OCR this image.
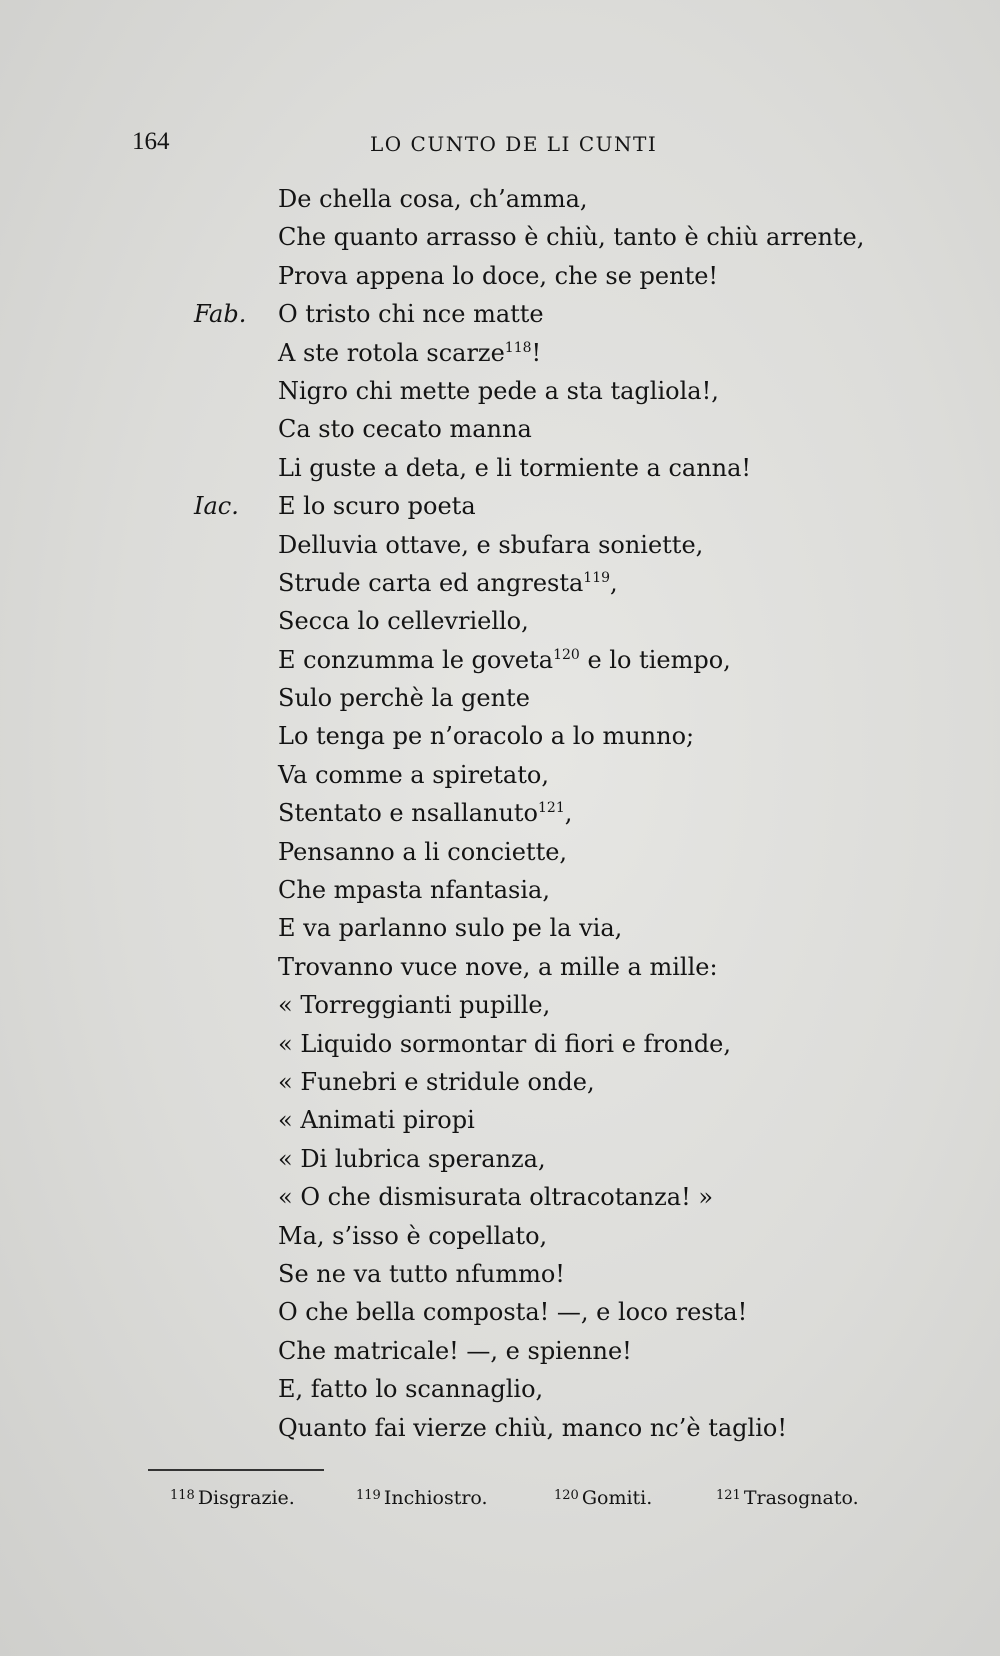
164	LO CUNTO DE LI CUNTI
De chella cosa, ch’amma,
Che quanto arrasso è chiù, tanto è chiù arrente,
Prova appena lo doce, che se pente!
Fab. O tristo chi nce matte
A ste rotola scarze$^{118}$!
Nigro chi mette pede a sta tagliola!,
Ca sto cecato manna
Li guste a deta, e li tormiente a canna!
Iac. E lo scuro poeta
Delluvia ottave, e sbufara soniette,
Strude carta ed angresta$^{119}$,
Secca lo cellevriello,
E conzumma le goveta$^{120}$ e lo tiempo,
Sulo perchè la gente
Lo tenga pe n’oracolo a lo munno;
Va comme a spiretato,
Stentato e nsallanuto$^{121}$,
Pensanno a li conciette,
Che mpasta nfantasia,
E va parlanno sulo pe la via,
Trovanno vuce nove, a mille a mille:
« Torreggianti pupille,
« Liquido sormontar di fiori e fronde,
« Funebri e stridule onde,
« Animati piropi
« Di lubrica speranza,
« O che dismisurata oltracotanza! »
Ma, s’isso è copellato,
Se ne va tutto nfummo!
O che bella composta! —, e loco resta!
Che matricale! —, e spienne!
E, fatto lo scannaglio,
Quanto fai vierze chiù, manco nc’è taglio!
$^{118}$ Disgrazie.	$^{119}$ Inchiostro.	$^{120}$ Gomiti.	$^{121}$ Trasognato.
